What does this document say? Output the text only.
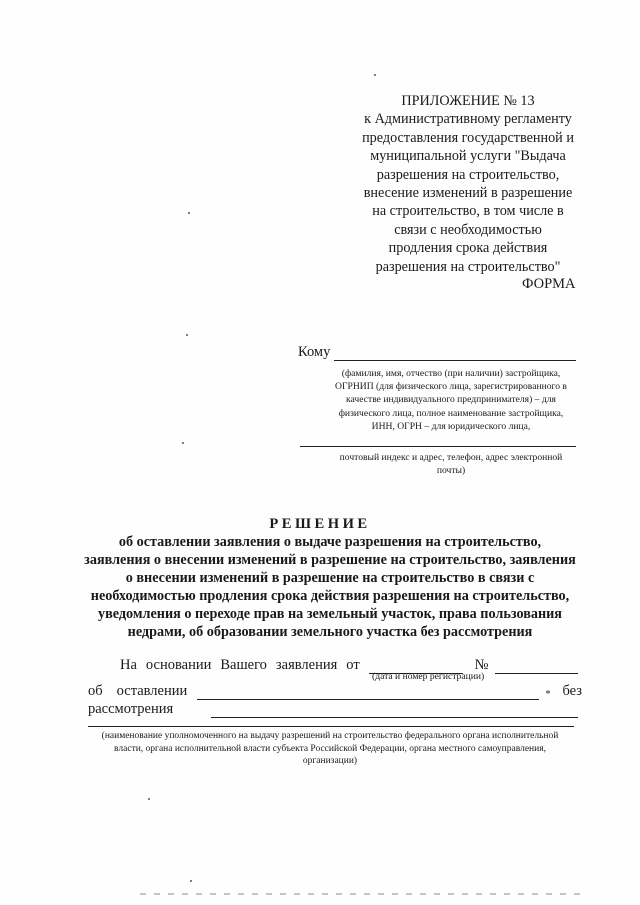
ПРИЛОЖЕНИЕ № 13
к Административному регламенту
предоставления государственной и
муниципальной услуги "Выдача
разрешения на строительство,
внесение изменений в разрешение
на строительство, в том числе в
связи с необходимостью
продления срока действия
разрешения на строительство"
ФОРМА
Кому
(фамилия, имя, отчество (при наличии) застройщика,
ОГРНИП (для физического лица, зарегистрированного в
качестве индивидуального предпринимателя) – для
физического лица, полное наименование застройщика,
ИНН, ОГРН – для юридического лица,
почтовый индекс и адрес, телефон, адрес электронной
почты)
РЕШЕНИЕ
об оставлении заявления о выдаче разрешения на строительство,
заявления о внесении изменений в разрешение на строительство, заявления
о внесении изменений в разрешение на строительство в связи с
необходимостью продления срока действия разрешения на строительство,
уведомления о переходе прав на земельный участок, права пользования
недрами, об образовании земельного участка без рассмотрения
На основании Вашего заявления от	№
(дата и номер регистрации)
об оставлении	* без
рассмотрения
(наименование уполномоченного на выдачу разрешений на строительство федерального органа исполнительной
власти, органа исполнительной власти субъекта Российской Федерации, органа местного самоуправления,
организации)
